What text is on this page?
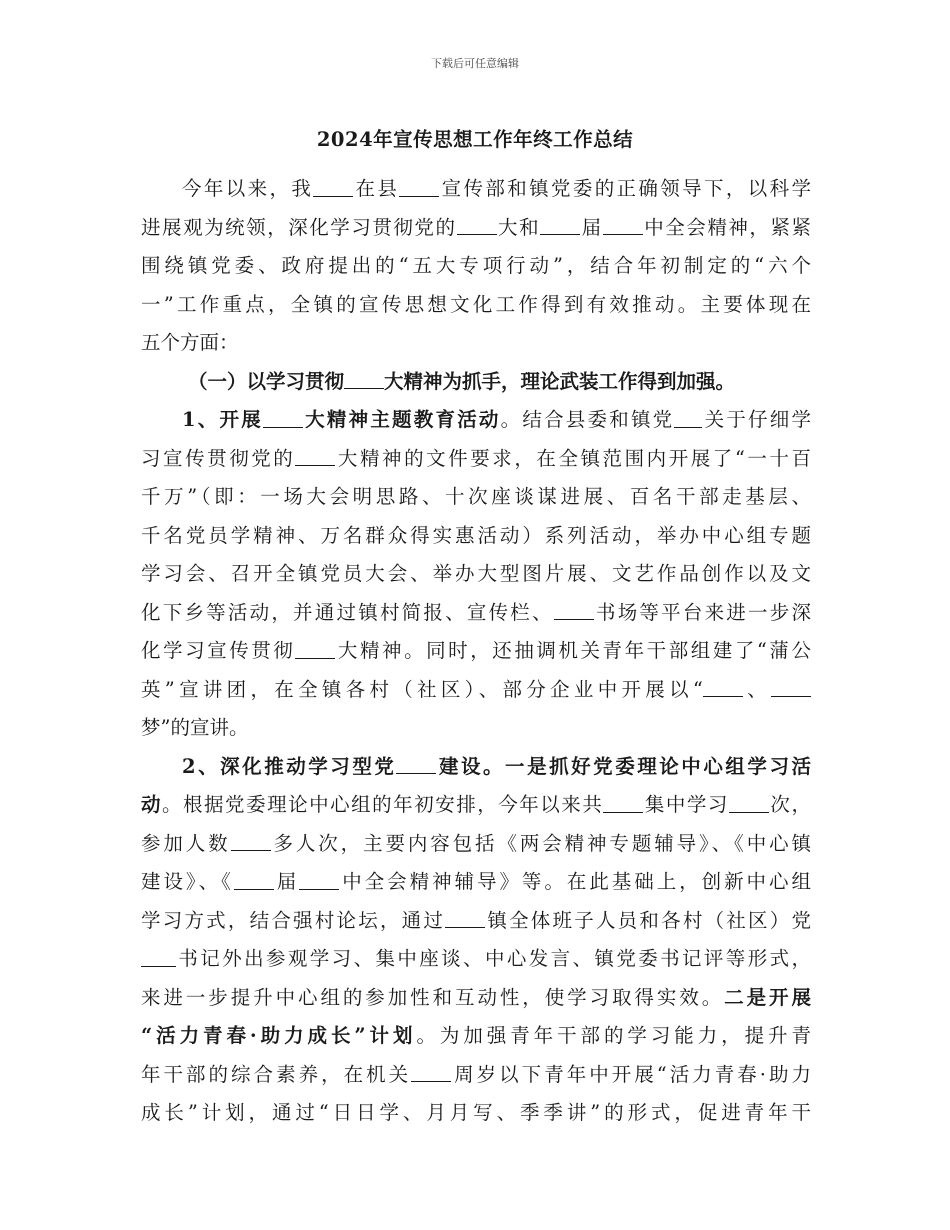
下载后可任意编辑
2024年宣传思想工作年终工作总结
今年以来，我 在县 宣传部和镇党委的正确领导下，以科学
进展观为统领，深化学习贯彻党的 大和 届 中全会精神，紧紧
围绕镇党委、政府提出的“五大专项行动”，结合年初制定的“六个
一”工作重点，全镇的宣传思想文化工作得到有效推动。主要体现在
五个方面：
（一）以学习贯彻 大精神为抓手，理论武装工作得到加强。
1、开展 大精神主题教育活动。结合县委和镇党 关于仔细学
习宣传贯彻党的 大精神的文件要求，在全镇范围内开展了“一十百
千万”（即：一场大会明思路、十次座谈谋进展、百名干部走基层、
千名党员学精神、万名群众得实惠活动）系列活动，举办中心组专题
学习会、召开全镇党员大会、举办大型图片展、文艺作品创作以及文
化下乡等活动，并通过镇村简报、宣传栏、 书场等平台来进一步深
化学习宣传贯彻 大精神。同时，还抽调机关青年干部组建了“蒲公
英”宣讲团，在全镇各村（社区）、部分企业中开展以“ 、
梦”的宣讲。
2、深化推动学习型党 建设。一是抓好党委理论中心组学习活
动。根据党委理论中心组的年初安排，今年以来共 集中学习 次，
参加人数 多人次，主要内容包括《两会精神专题辅导》、《中心镇
建设》、《 届 中全会精神辅导》等。在此基础上，创新中心组
学习方式，结合强村论坛，通过 镇全体班子人员和各村（社区）党
书记外出参观学习、集中座谈、中心发言、镇党委书记评等形式，
来进一步提升中心组的参加性和互动性，使学习取得实效。二是开展
“活力青春·助力成长”计划。为加强青年干部的学习能力，提升青
年干部的综合素养，在机关 周岁以下青年中开展“活力青春·助力
成长”计划，通过“日日学、月月写、季季讲”的形式，促进青年干
